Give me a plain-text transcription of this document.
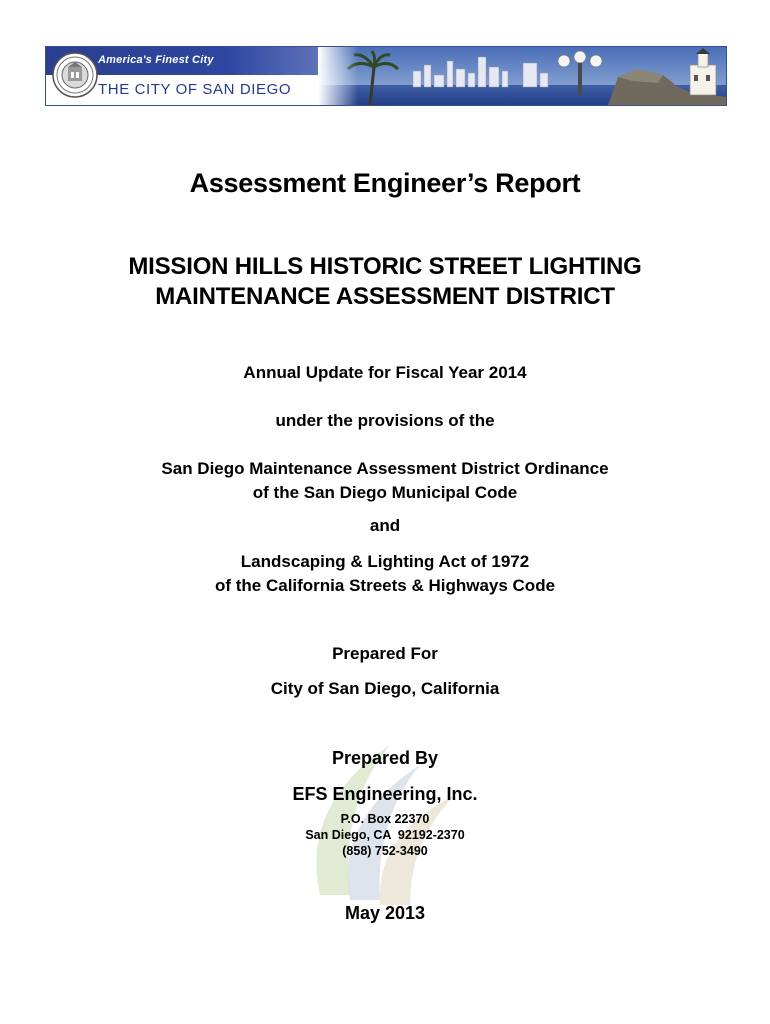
America's Finest City
THE CITY OF SAN DIEGO
Assessment Engineer’s Report
MISSION HILLS HISTORIC STREET LIGHTING
MAINTENANCE ASSESSMENT DISTRICT
Annual Update for Fiscal Year 2014
under the provisions of the
San Diego Maintenance Assessment District Ordinance
of the San Diego Municipal Code
and
Landscaping & Lighting Act of 1972
of the California Streets & Highways Code
Prepared For
City of San Diego, California
Prepared By
EFS Engineering, Inc.
P.O. Box 22370
San Diego, CA  92192-2370
(858) 752-3490
May 2013
